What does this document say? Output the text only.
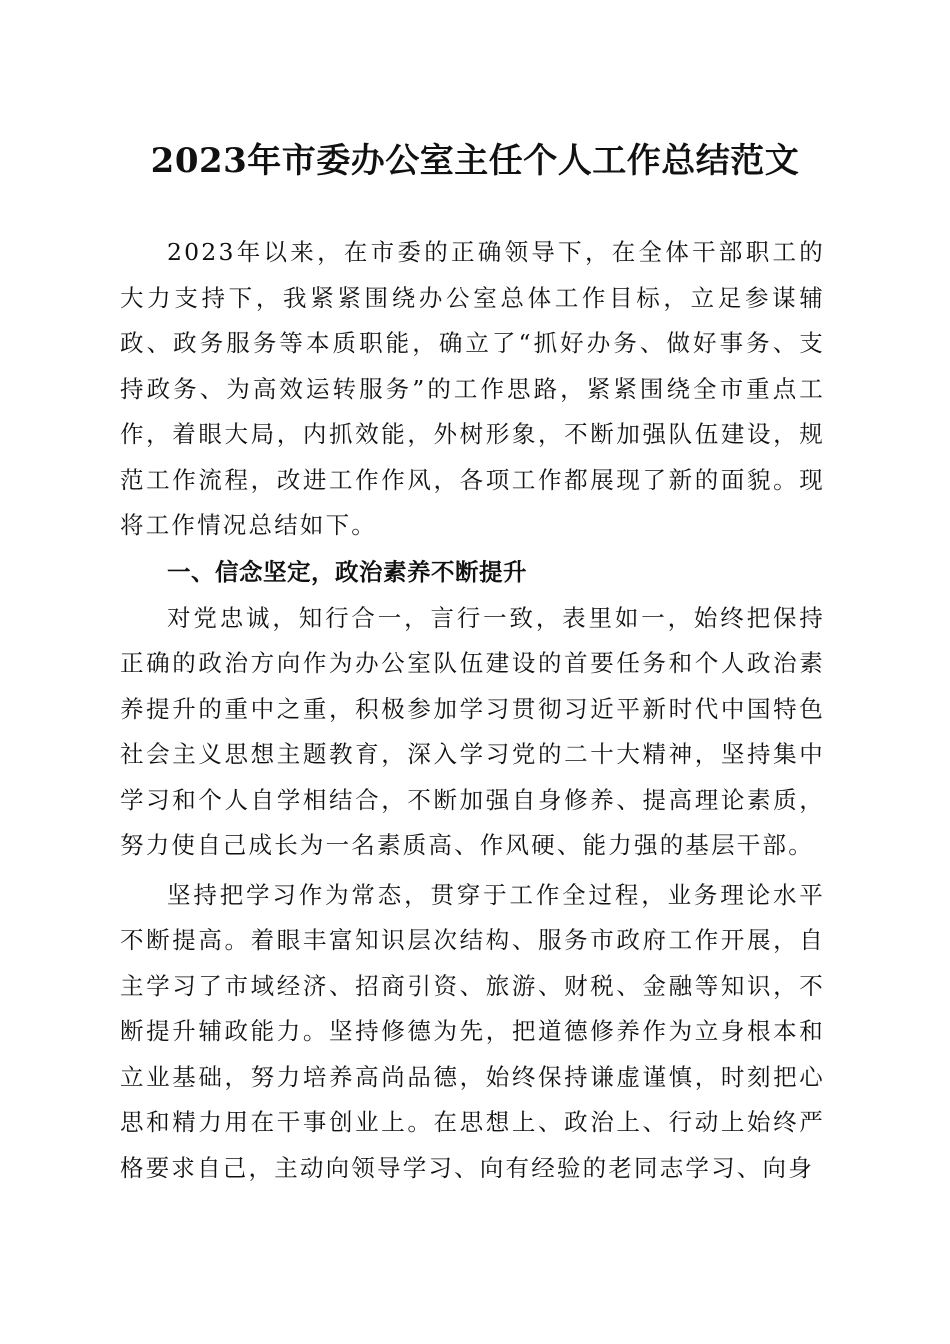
2023年市委办公室主任个人工作总结范文

2023年以来，在市委的正确领导下，在全体干部职工的大力支持下，我紧紧围绕办公室总体工作目标，立足参谋辅政、政务服务等本质职能，确立了“抓好办务、做好事务、支持政务、为高效运转服务”的工作思路，紧紧围绕全市重点工作，着眼大局，内抓效能，外树形象，不断加强队伍建设，规范工作流程，改进工作作风，各项工作都展现了新的面貌。现将工作情况总结如下。

一、信念坚定，政治素养不断提升

对党忠诚，知行合一，言行一致，表里如一，始终把保持正确的政治方向作为办公室队伍建设的首要任务和个人政治素养提升的重中之重，积极参加学习贯彻习近平新时代中国特色社会主义思想主题教育，深入学习党的二十大精神，坚持集中学习和个人自学相结合，不断加强自身修养、提高理论素质，努力使自己成长为一名素质高、作风硬、能力强的基层干部。

坚持把学习作为常态，贯穿于工作全过程，业务理论水平不断提高。着眼丰富知识层次结构、服务市政府工作开展，自主学习了市域经济、招商引资、旅游、财税、金融等知识，不断提升辅政能力。坚持修德为先，把道德修养作为立身根本和立业基础，努力培养高尚品德，始终保持谦虚谨慎，时刻把心思和精力用在干事创业上。在思想上、政治上、行动上始终严格要求自己，主动向领导学习、向有经验的老同志学习、向身
